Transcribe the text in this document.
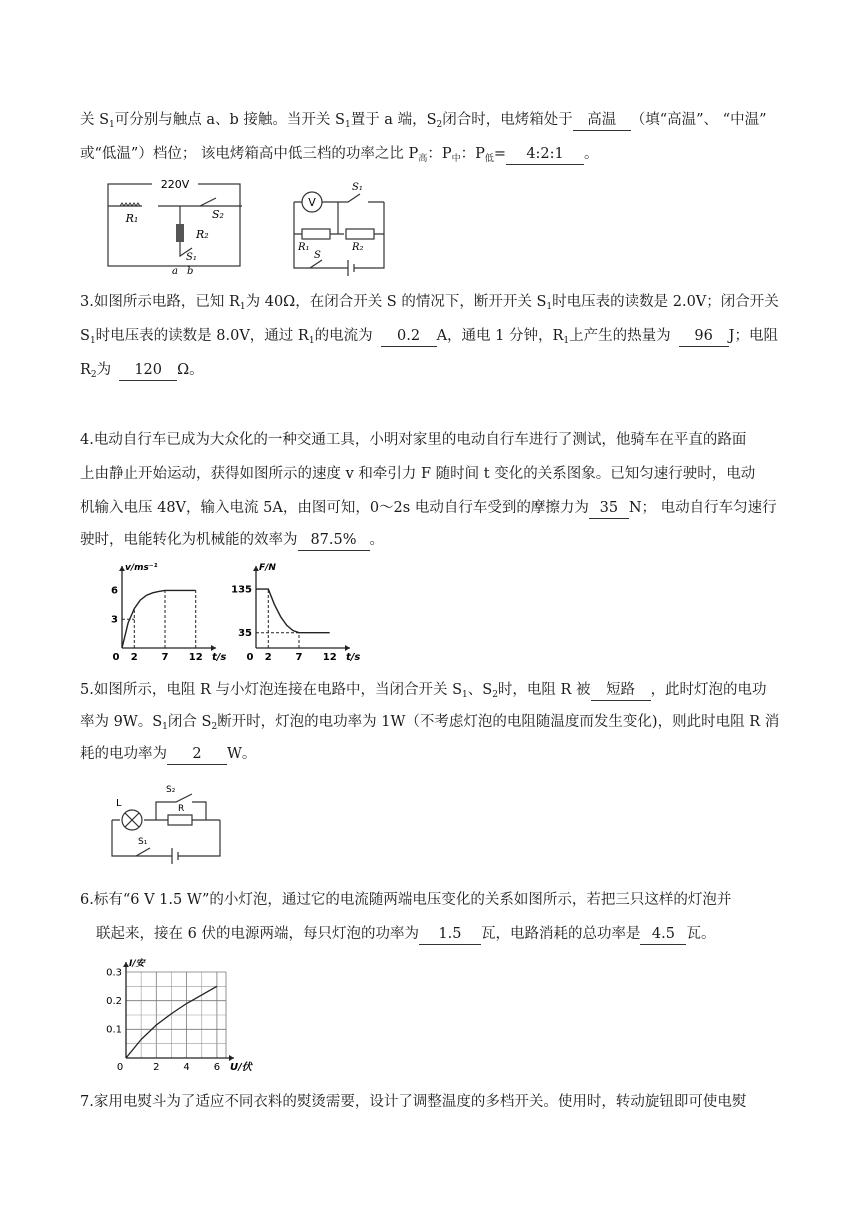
关 $S_1$可分别与触点 a、b 接触。当开关 $S_1$置于 a 端，$S_2$闭合时，电烤箱处于 高温 （填“高温”、 “中温”
或“低温”）档位； 该电烤箱高中低三档的功率之比 $P_高$：$P_中$：$P_低=$ 4:2:1 。
220V
R₁
R₂
S₂
S₁
a b
V
R₁	R₂
S₁
S
3.如图所示电路，已知 $R_1$为 40Ω，在闭合开关 S 的情况下，断开开关 $S_1$时电压表的读数是 2.0V；闭合开关
$S_1$时电压表的读数是 8.0V，通过 $R_1$的电流为 0.2 A，通电 1 分钟，$R_1$上产生的热量为 96 J；电阻
$R_2$为 120 Ω。
4.电动自行车已成为大众化的一种交通工具，小明对家里的电动自行车进行了测试，他骑车在平直的路面
上由静止开始运动，获得如图所示的速度 v 和牵引力 F 随时间 t 变化的关系图象。已知匀速行驶时，电动
机输入电压 48V，输入电流 5A，由图可知，0～2s 电动自行车受到的摩擦力为 35 N； 电动自行车匀速行
驶时，电能转化为机械能的效率为 87.5% 。
0 2 7 12
3
6
t/s
v/ms⁻¹
0 2 7 12
35
135
t/s
F/N
5.如图所示，电阻 R 与小灯泡连接在电路中，当闭合开关 $S_1$、$S_2$时，电阻 R 被 短路 ，此时灯泡的电功
率为 9W。$S_1$闭合 $S_2$断开时，灯泡的电功率为 1W（不考虑灯泡的电阻随温度而发生变化)，则此时电阻 R 消
耗的电功率为 2 W。
L	R
S₂
S₁
6.标有“6 V 1.5 W”的小灯泡，通过它的电流随两端电压变化的关系如图所示，若把三只这样的灯泡并
联起来，接在 6 伏的电源两端，每只灯泡的功率为 1.5 瓦，电路消耗的总功率是 4.5 瓦。
0	2 4 6
0.1
0.2
0.3
U/伏
I/安
7.家用电熨斗为了适应不同衣料的熨烫需要，设计了调整温度的多档开关。使用时，转动旋钮即可使电熨
